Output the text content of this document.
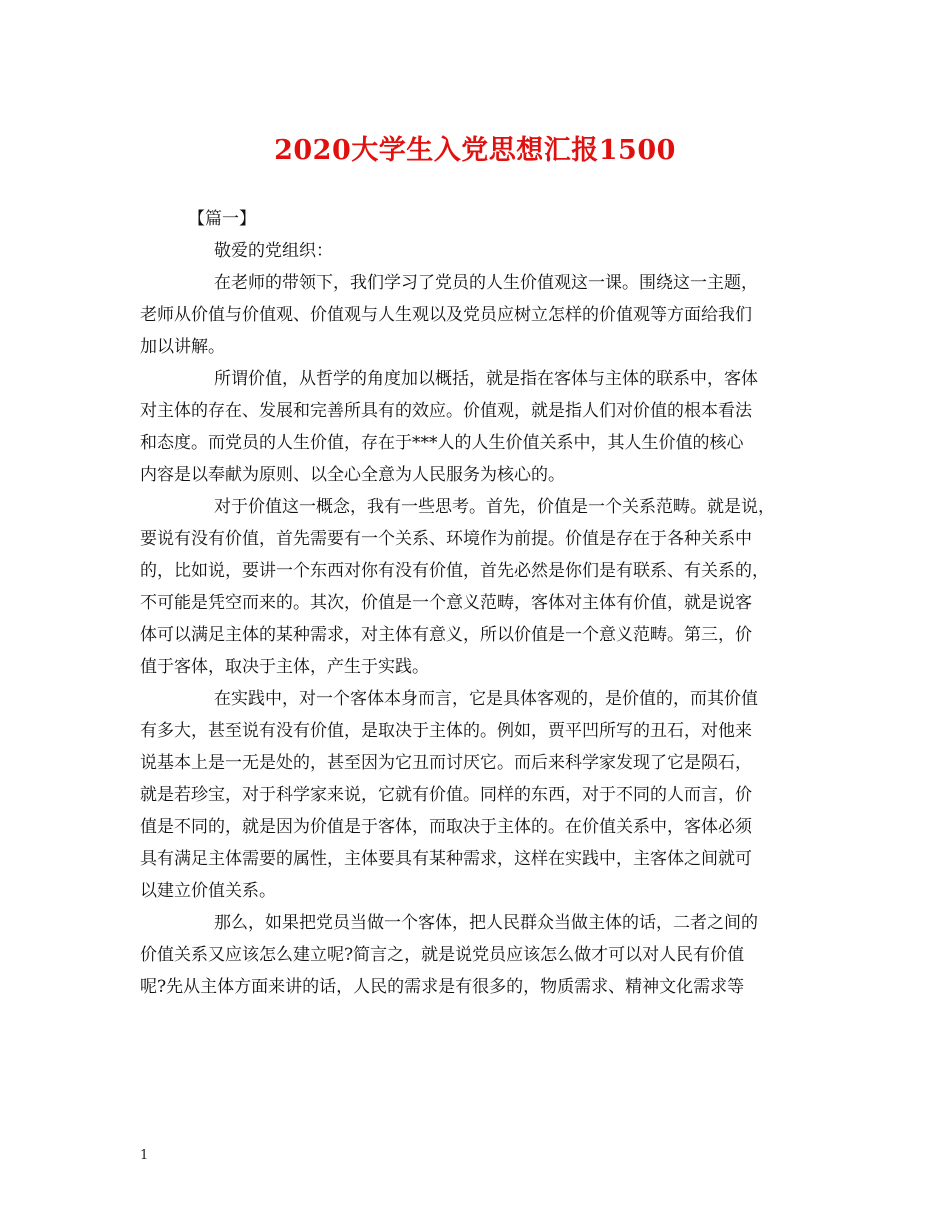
2020大学生入党思想汇报1500
【篇一】
敬爱的党组织：
在老师的带领下，我们学习了党员的人生价值观这一课。围绕这一主题，
老师从价值与价值观、价值观与人生观以及党员应树立怎样的价值观等方面给我们
加以讲解。
所谓价值，从哲学的角度加以概括，就是指在客体与主体的联系中，客体
对主体的存在、发展和完善所具有的效应。价值观，就是指人们对价值的根本看法
和态度。而党员的人生价值，存在于***人的人生价值关系中，其人生价值的核心
内容是以奉献为原则、以全心全意为人民服务为核心的。
对于价值这一概念，我有一些思考。首先，价值是一个关系范畴。就是说，
要说有没有价值，首先需要有一个关系、环境作为前提。价值是存在于各种关系中
的，比如说，要讲一个东西对你有没有价值，首先必然是你们是有联系、有关系的，
不可能是凭空而来的。其次，价值是一个意义范畴，客体对主体有价值，就是说客
体可以满足主体的某种需求，对主体有意义，所以价值是一个意义范畴。第三，价
值于客体，取决于主体，产生于实践。
在实践中，对一个客体本身而言，它是具体客观的，是价值的，而其价值
有多大，甚至说有没有价值，是取决于主体的。例如，贾平凹所写的丑石，对他来
说基本上是一无是处的，甚至因为它丑而讨厌它。而后来科学家发现了它是陨石，
就是若珍宝，对于科学家来说，它就有价值。同样的东西，对于不同的人而言，价
值是不同的，就是因为价值是于客体，而取决于主体的。在价值关系中，客体必须
具有满足主体需要的属性，主体要具有某种需求，这样在实践中，主客体之间就可
以建立价值关系。
那么，如果把党员当做一个客体，把人民群众当做主体的话，二者之间的
价值关系又应该怎么建立呢?简言之，就是说党员应该怎么做才可以对人民有价值
呢?先从主体方面来讲的话，人民的需求是有很多的，物质需求、精神文化需求等
1
